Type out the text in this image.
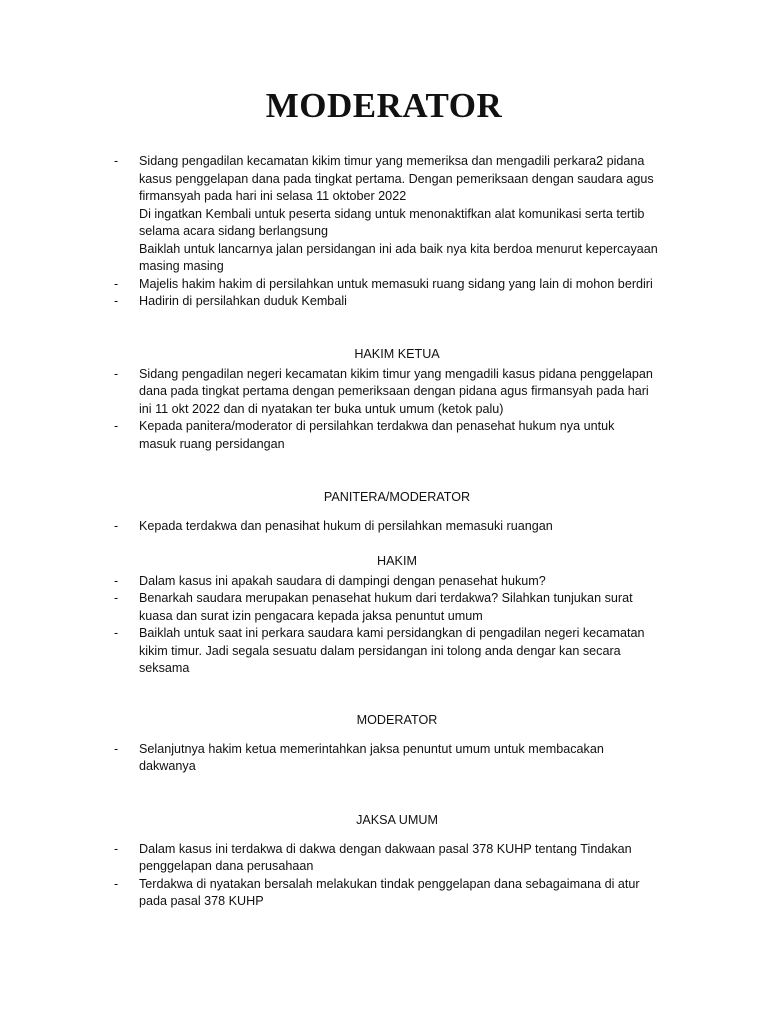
MODERATOR
- Sidang pengadilan kecamatan kikim timur yang memeriksa dan mengadili perkara2 pidana
kasus penggelapan dana pada tingkat pertama. Dengan pemeriksaan dengan saudara agus
firmansyah pada hari ini selasa 11 oktober 2022
Di ingatkan Kembali untuk peserta sidang untuk menonaktifkan alat komunikasi serta tertib
selama acara sidang berlangsung
Baiklah untuk lancarnya jalan persidangan ini ada baik nya kita berdoa menurut kepercayaan
masing masing
- Majelis hakim hakim di persilahkan untuk memasuki ruang sidang yang lain di mohon berdiri
- Hadirin di persilahkan duduk Kembali
HAKIM KETUA
- Sidang pengadilan negeri kecamatan kikim timur yang mengadili kasus pidana penggelapan
dana pada tingkat pertama dengan pemeriksaan dengan pidana agus firmansyah pada hari
ini 11 okt 2022 dan di nyatakan ter buka untuk umum (ketok palu)
- Kepada panitera/moderator di persilahkan terdakwa dan penasehat hukum nya untuk
masuk ruang persidangan
PANITERA/MODERATOR
- Kepada terdakwa dan penasihat hukum di persilahkan memasuki ruangan
HAKIM
- Dalam kasus ini apakah saudara di dampingi dengan penasehat hukum?
- Benarkah saudara merupakan penasehat hukum dari terdakwa? Silahkan tunjukan surat
kuasa dan surat izin pengacara kepada jaksa penuntut umum
- Baiklah untuk saat ini perkara saudara kami persidangkan di pengadilan negeri kecamatan
kikim timur. Jadi segala sesuatu dalam persidangan ini tolong anda dengar kan secara
seksama
MODERATOR
- Selanjutnya hakim ketua memerintahkan jaksa penuntut umum untuk membacakan
dakwanya
JAKSA UMUM
- Dalam kasus ini terdakwa di dakwa dengan dakwaan pasal 378 KUHP tentang Tindakan
penggelapan dana perusahaan
- Terdakwa di nyatakan bersalah melakukan tindak penggelapan dana sebagaimana di atur
pada pasal 378 KUHP
